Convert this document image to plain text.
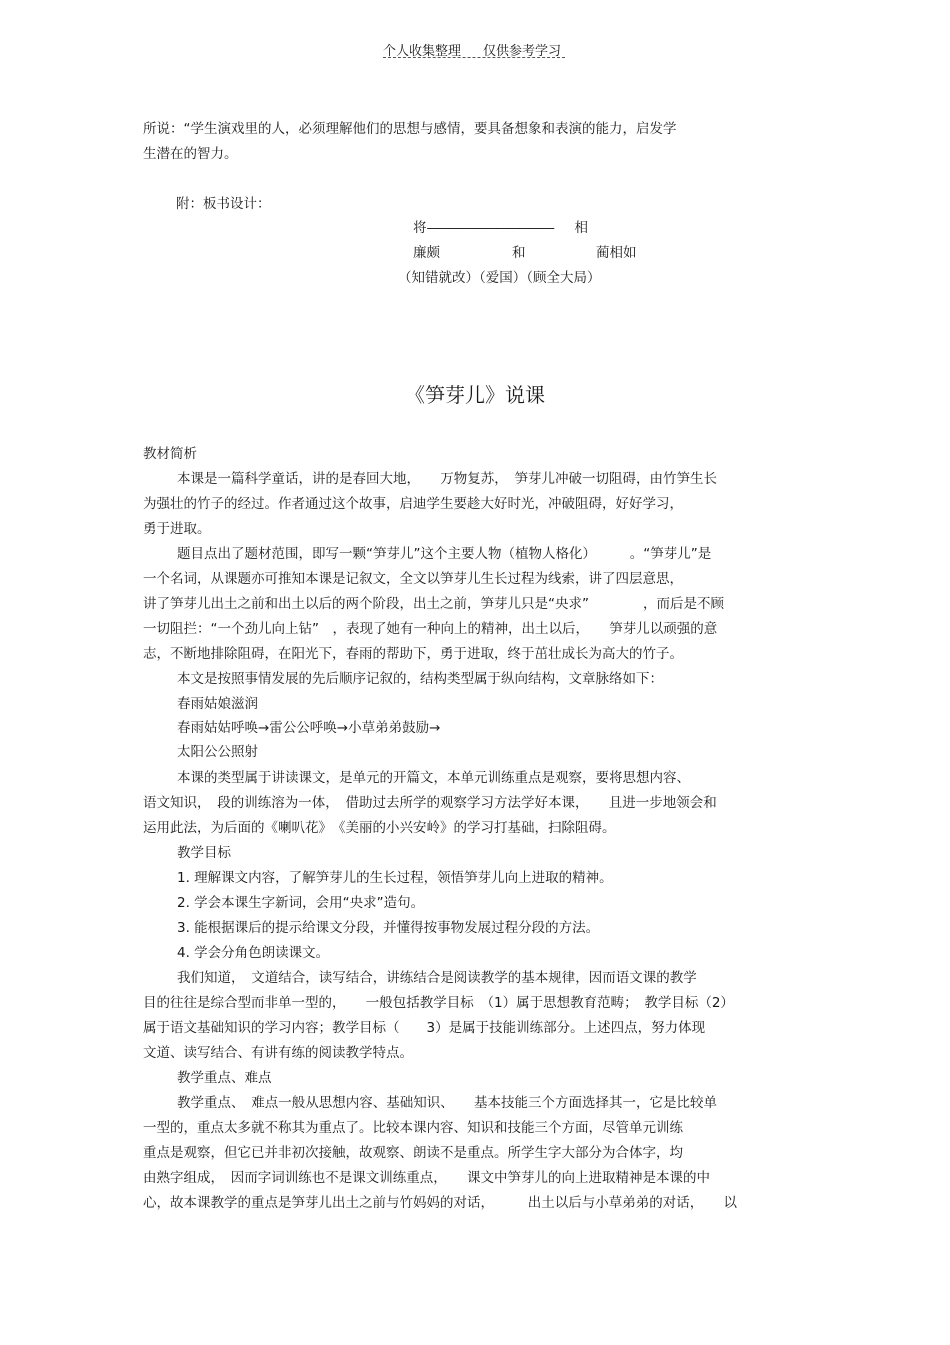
个人收集整理 仅供参考学习
所说：“学生演戏里的人，必须理解他们的思想与感情，要具备想象和表演的能力，启发学
生潜在的智力。
附：板书设计：
将——————————— 相
廉颇	和	蔺相如
（知错就改）（爱国）（顾全大局）
《笋芽儿》说课
教材简析
本课是一篇科学童话，讲的是春回大地，　　万物复苏，　笋芽儿冲破一切阻碍，由竹笋生长
为强壮的竹子的经过。作者通过这个故事，启迪学生要趁大好时光，冲破阻碍，好好学习，
勇于进取。
题目点出了题材范围，即写一颗“笋芽儿”这个主要人物（植物人格化）　　　。“笋芽儿”是
一个名词，从课题亦可推知本课是记叙文，全文以笋芽儿生长过程为线索，讲了四层意思，
讲了笋芽儿出土之前和出土以后的两个阶段，出土之前，笋芽儿只是“央求”　　　　，而后是不顾
一切阻拦：“一个劲儿向上钻”　，表现了她有一种向上的精神，出土以后，　　笋芽儿以顽强的意
志，不断地排除阻碍，在阳光下，春雨的帮助下，勇于进取，终于茁壮成长为高大的竹子。
本文是按照事情发展的先后顺序记叙的，结构类型属于纵向结构，文章脉络如下：
春雨姑娘滋润
春雨姑姑呼唤→雷公公呼唤→小草弟弟鼓励→
太阳公公照射
本课的类型属于讲读课文，是单元的开篇文，本单元训练重点是观察，要将思想内容、
语文知识，　段的训练溶为一体，　借助过去所学的观察学习方法学好本课，　　且进一步地领会和
运用此法，为后面的《喇叭花》　《美丽的小兴安岭》的学习打基础，扫除阻碍。
教学目标
1. 理解课文内容，了解笋芽儿的生长过程，领悟笋芽儿向上进取的精神。
2. 学会本课生字新词，会用“央求”造句。
3. 能根据课后的提示给课文分段，并懂得按事物发展过程分段的方法。
4. 学会分角色朗读课文。
我们知道，　文道结合，读写结合，讲练结合是阅读教学的基本规律，因而语文课的教学
目的往往是综合型而非单一型的，　　一般包括教学目标　（1）属于思想教育范畴；　教学目标（2）
属于语文基础知识的学习内容；教学目标（　　3）是属于技能训练部分。上述四点，努力体现
文道、读写结合、有讲有练的阅读教学特点。
教学重点、难点
教学重点、　难点一般从思想内容、基础知识、　　基本技能三个方面选择其一，它是比较单
一型的，重点太多就不称其为重点了。比较本课内容、知识和技能三个方面，尽管单元训练
重点是观察，但它已并非初次接触，故观察、朗读不是重点。所学生字大部分为合体字，均
由熟字组成，　因而字词训练也不是课文训练重点，　　课文中笋芽儿的向上进取精神是本课的中
心，故本课教学的重点是笋芽儿出土之前与竹妈妈的对话，　　　出土以后与小草弟弟的对话，　　以
